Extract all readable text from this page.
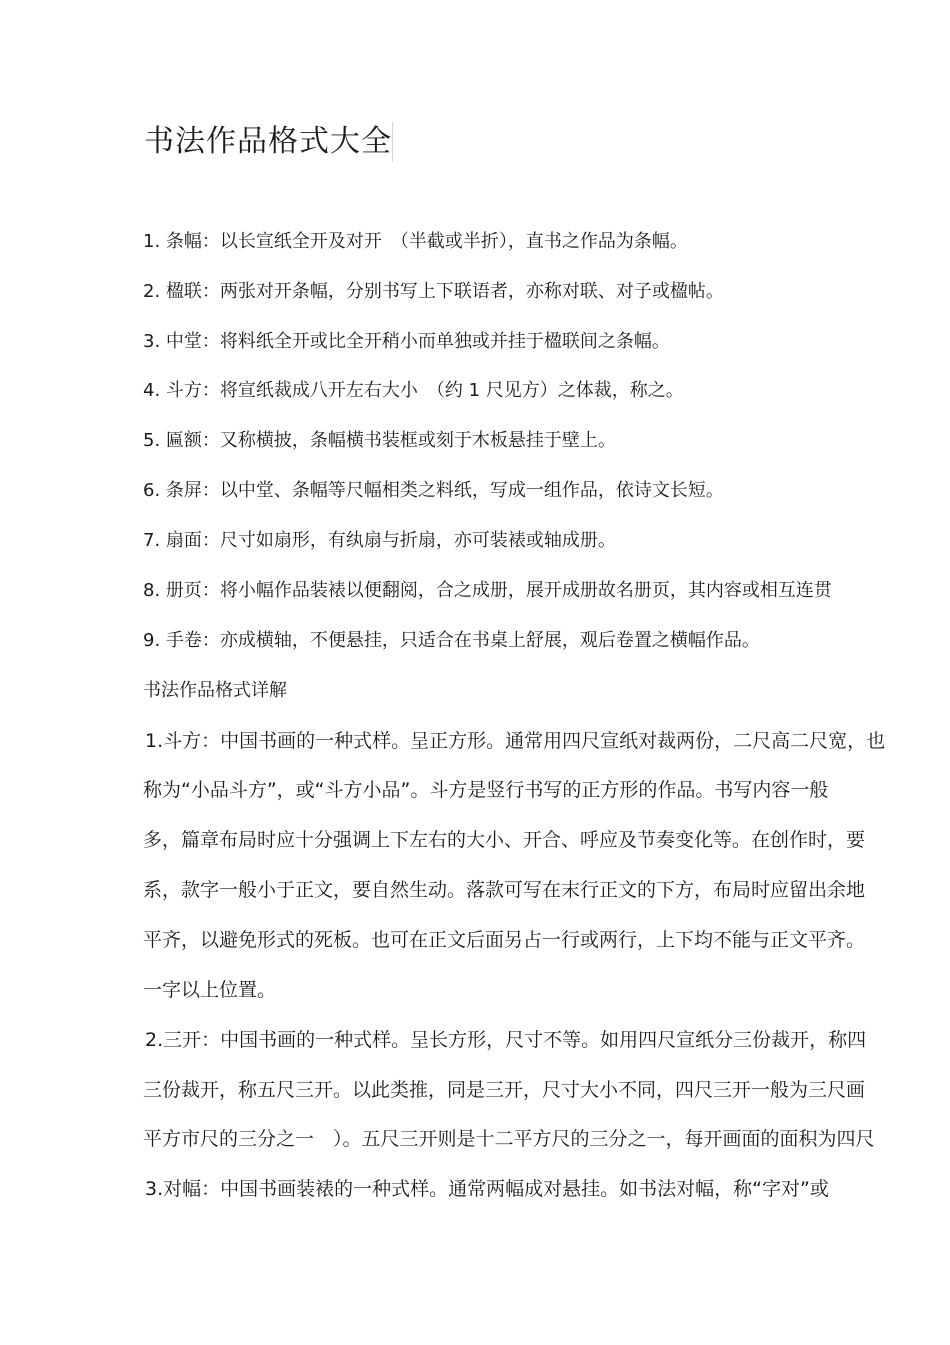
书法作品格式大全
1. 条幅：以长宣纸全开及对开　（半截或半折），直书之作品为条幅。
2. 楹联：两张对开条幅，分别书写上下联语者，亦称对联、对子或楹帖。
3. 中堂：将料纸全开或比全开稍小而单独或并挂于楹联间之条幅。
4. 斗方：将宣纸裁成八开左右大小　（约 1 尺见方）之体裁，称之。
5. 匾额：又称横披，条幅横书装框或刻于木板悬挂于壁上。
6. 条屏：以中堂、条幅等尺幅相类之料纸，写成一组作品，依诗文长短。
7. 扇面：尺寸如扇形，有纨扇与折扇，亦可装裱或轴成册。
8. 册页：将小幅作品装裱以便翻阅，合之成册，展开成册故名册页，其内容或相互连贯
9. 手卷：亦成横轴，不便悬挂，只适合在书桌上舒展，观后卷置之横幅作品。
书法作品格式详解
1.斗方：中国书画的一种式样。呈正方形。通常用四尺宣纸对裁两份，二尺高二尺宽，也
称为“小品斗方”，或“斗方小品”。斗方是竖行书写的正方形的作品。书写内容一般
多，篇章布局时应十分强调上下左右的大小、开合、呼应及节奏变化等。在创作时，要
系，款字一般小于正文，要自然生动。落款可写在末行正文的下方，布局时应留出余地
平齐，以避免形式的死板。也可在正文后面另占一行或两行，上下均不能与正文平齐。
一字以上位置。
2.三开：中国书画的一种式样。呈长方形，尺寸不等。如用四尺宣纸分三份裁开，称四
三份裁开，称五尺三开。以此类推，同是三开，尺寸大小不同，四尺三开一般为三尺画
平方市尺的三分之一　）。五尺三开则是十二平方尺的三分之一，每开画面的面积为四尺
3.对幅：中国书画装裱的一种式样。通常两幅成对悬挂。如书法对幅，称“字对”或
